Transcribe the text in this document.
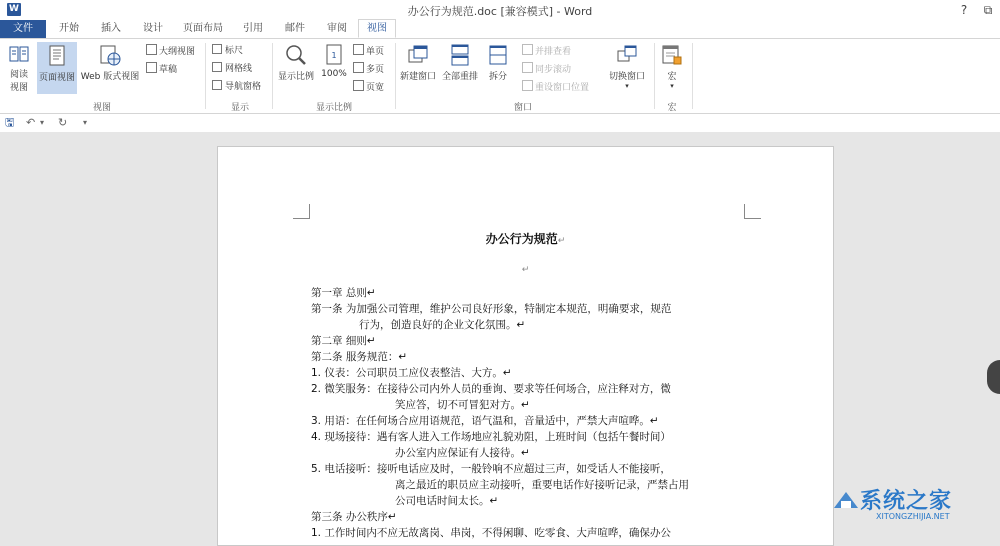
W	办公行为规范.doc [兼容模式] - Word	?	⧉
文件	开始	插入	设计	页面布局	引用	邮件	审阅	视图
阅读
视图
页面视图 Web 版式视图
大纲视图
草稿
视图
标尺
网格线
导航窗格
显示
显示比例
1
100%
单页
多页
页宽
显示比例
新建窗口 全部重排	拆分
并排查看
同步滚动
重设窗口位置
切换窗口
▾
窗口
宏
▾
宏
🖫 ↶ ▾ ↻ ▾
办公行为规范↵
↵
第一章 总则↵
第一条 为加强公司管理，维护公司良好形象，特制定本规范，明确要求，规范
行为，创造良好的企业文化氛围。↵
第二章 细则↵
第二条 服务规范：↵
1. 仪表：公司职员工应仪表整洁、大方。↵
2. 微笑服务：在接待公司内外人员的垂询、要求等任何场合，应注释对方，微
笑应答，切不可冒犯对方。↵
3. 用语：在任何场合应用语规范，语气温和，音量适中，严禁大声喧哗。↵
4. 现场接待：遇有客人进入工作场地应礼貌劝阻，上班时间（包括午餐时间）
办公室内应保证有人接待。↵
5. 电话接听：接听电话应及时，一般铃响不应超过三声，如受话人不能接听，
离之最近的职员应主动接听，重要电话作好接听记录，严禁占用
公司电话时间太长。↵
第三条 办公秩序↵
1. 工作时间内不应无故离岗、串岗，不得闲聊、吃零食、大声喧哗，确保办公
系统之家
XITONGZHIJIA.NET
